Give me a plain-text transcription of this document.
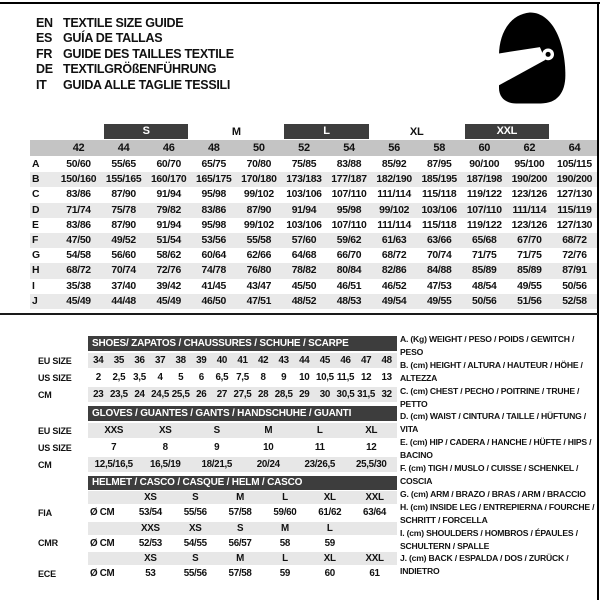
EN TEXTILE SIZE GUIDE
ES GUÍA DE TALLAS
FR GUIDE DES TAILLES TEXTILE
DE TEXTILGRÖßENFÜHRUNG
IT	GUIDA ALLE TAGLIE TESSILI
S	M	L	XL	XXL
42	44	46	48	50	52	54	56	58	60	62	64
A	50/60	55/65	60/70	65/75	70/80	75/85	83/88	85/92	87/95	90/100	95/100	105/115
B	150/160 155/165 160/170 165/175 170/180 173/183 177/187 182/190 185/195 187/198 190/200 190/200
C	83/86	87/90	91/94	95/98	99/102	103/106 107/110	111/114	115/118	119/122 123/126 127/130
D	71/74	75/78	79/82	83/86	87/90	91/94	95/98	99/102	103/106 107/110	111/114	115/119
E	83/86	87/90	91/94	95/98	99/102	103/106 107/110	111/114	115/118	119/122 123/126 127/130
F	47/50	49/52	51/54	53/56	55/58	57/60	59/62	61/63	63/66	65/68	67/70	68/72
G	54/58	56/60	58/62	60/64	62/66	64/68	66/70	68/72	70/74	71/75	71/75	72/76
H	68/72	70/74	72/76	74/78	76/80	78/82	80/84	82/86	84/88	85/89	85/89	87/91
I	35/38	37/40	39/42	41/45	43/47	45/50	46/51	46/52	47/53	48/54	49/55	50/56
J	45/49	44/48	45/49	46/50	47/51	48/52	48/53	49/54	49/55	50/56	51/56	52/58
SHOES/ ZAPATOS / CHAUSSURES / SCHUHE / SCARPE
EU SIZE	34	35	36	37	38	39	40	41	42	43	44	45	46	47	48
US SIZE	2	2,5 3,5	4	5	6	6,5 7,5	8	9	10 10,5 11,5 12	13
CM	23 23,5 24 24,5 25,5 26	27 27,5 28 28,5 29	30 30,5 31,5 32
GLOVES / GUANTES / GANTS / HANDSCHUHE / GUANTI
EU SIZE	XXS	XS	S	M	L	XL
US SIZE	7	8	9	10	11	12
CM	12,5/16,5	16,5/19	18/21,5	20/24	23/26,5	25,5/30
HELMET / CASCO / CASQUE / HELM / CASCO
XS	S	M	L	XL	XXL
FIA	Ø CM	53/54	55/56	57/58	59/60	61/62	63/64
XXS	XS	S	M	L
CMR	Ø CM	52/53	54/55	56/57	58	59
XS	S	M	L	XL	XXL
ECE	Ø CM	53	55/56	57/58	59	60	61

A. (Kg) WEIGHT / PESO / POIDS / GEWITCH / PESO

B. (cm) HEIGHT / ALTURA / HAUTEUR / HÖHE / ALTEZZA

C. (cm) CHEST / PECHO / POITRINE / TRUHE / PETTO

D. (cm) WAIST / CINTURA / TAILLE / HÜFTUNG / VITA

E. (cm) HIP / CADERA / HANCHE / HÜFTE / HIPS / BACINO

F. (cm) TIGH / MUSLO / CUISSE / SCHENKEL / COSCIA

G. (cm) ARM / BRAZO / BRAS / ARM / BRACCIO

H. (cm) INSIDE LEG / ENTREPIERNA / FOURCHE / SCHRITT / FORCELLA

I. (cm) SHOULDERS / HOMBROS / ÉPAULES / SCHULTERN / SPALLE

J. (cm) BACK / ESPALDA / DOS / ZURÜCK / INDIETRO
